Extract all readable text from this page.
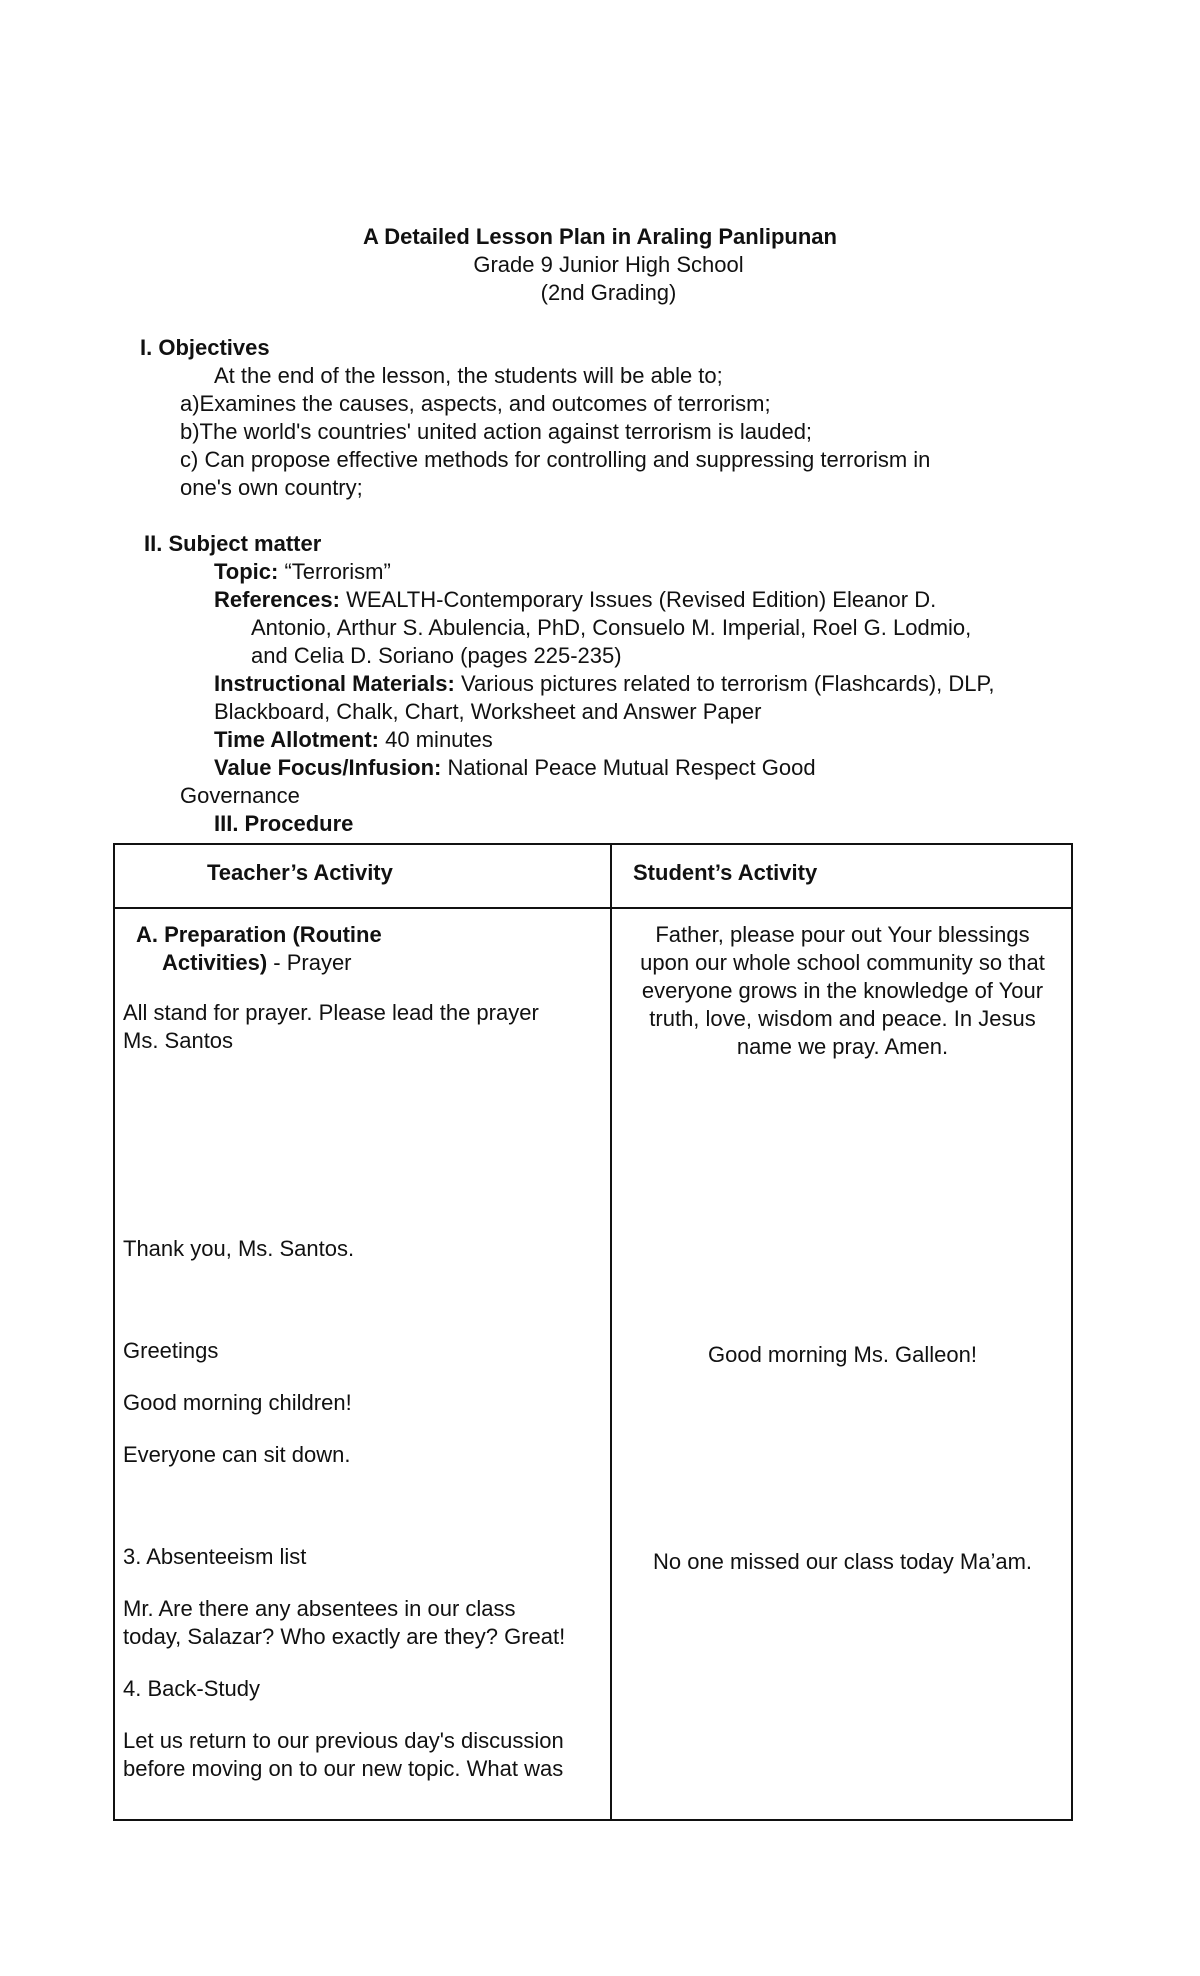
A Detailed Lesson Plan in Araling Panlipunan
Grade 9 Junior High School
(2nd Grading)
I. Objectives
At the end of the lesson, the students will be able to;
a)Examines the causes, aspects, and outcomes of terrorism;
b)The world's countries' united action against terrorism is lauded;
c) Can propose effective methods for controlling and suppressing terrorism in
one's own country;
II. Subject matter
Topic: “Terrorism”
References: WEALTH-Contemporary Issues (Revised Edition) Eleanor D.
Antonio, Arthur S. Abulencia, PhD, Consuelo M. Imperial, Roel G. Lodmio,
and Celia D. Soriano (pages 225-235)
Instructional Materials: Various pictures related to terrorism (Flashcards), DLP,
Blackboard, Chalk, Chart, Worksheet and Answer Paper
Time Allotment: 40 minutes
Value Focus/Infusion: National Peace Mutual Respect Good
Governance
III. Procedure
Teacher’s Activity	Student’s Activity
A. Preparation (Routine
Activities) - Prayer
All stand for prayer. Please lead the prayer
Ms. Santos
Thank you, Ms. Santos.
Greetings
Good morning children!
Everyone can sit down.
3. Absenteeism list
Mr. Are there any absentees in our class
today, Salazar? Who exactly are they? Great!
4. Back-Study
Let us return to our previous day's discussion
before moving on to our new topic. What was
Father, please pour out Your blessings
upon our whole school community so that
everyone grows in the knowledge of Your
truth, love, wisdom and peace. In Jesus
name we pray. Amen.
Good morning Ms. Galleon!
No one missed our class today Ma’am.
